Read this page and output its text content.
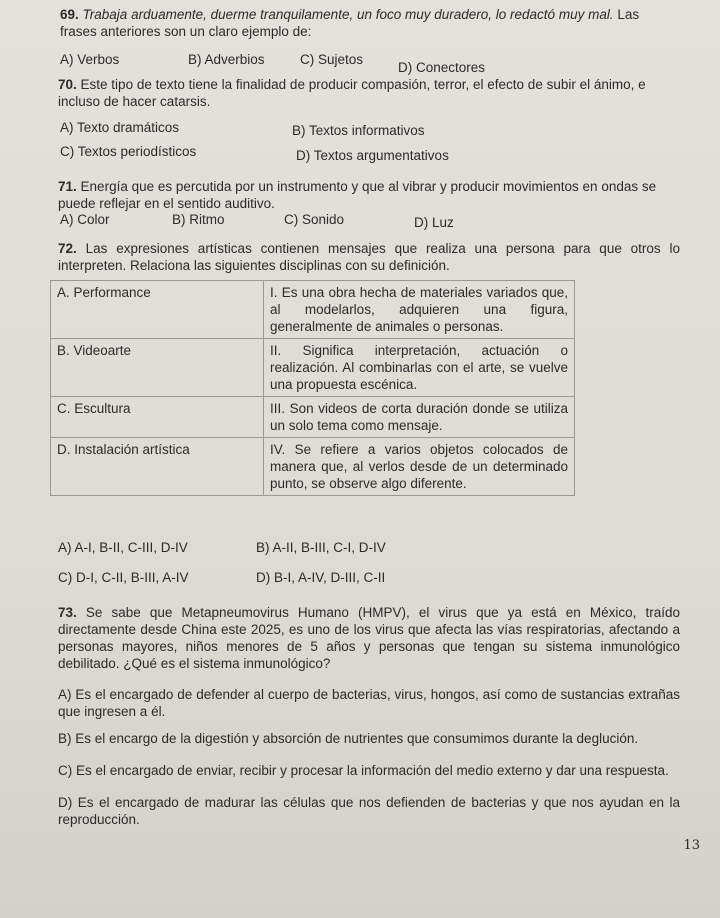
69. Trabaja arduamente, duerme tranquilamente, un foco muy duradero, lo redactó muy mal. Las frases anteriores son un claro ejemplo de:
A) Verbos	B) Adverbios	C) Sujetos
D) Conectores
70. Este tipo de texto tiene la finalidad de producir compasión, terror, el efecto de subir el ánimo, e incluso de hacer catarsis.
A) Texto dramáticos	B) Textos informativos
C) Textos periodísticos	D) Textos argumentativos
71. Energía que es percutida por un instrumento y que al vibrar y producir movimientos en ondas se puede reflejar en el sentido auditivo.
A) Color	B) Ritmo	C) Sonido	D) Luz
72. Las expresiones artísticas contienen mensajes que realiza una persona para que otros lo interpreten. Relaciona las siguientes disciplinas con su definición.
A. Performance	I. Es una obra hecha de materiales variados que, al modelarlos, adquieren una figura, generalmente de animales o personas.
B. Videoarte	II. Significa interpretación, actuación o realización. Al combinarlas con el arte, se vuelve una propuesta escénica.
C. Escultura	III. Son videos de corta duración donde se utiliza un solo tema como mensaje.
D. Instalación artística	IV. Se refiere a varios objetos colocados de manera que, al verlos desde de un determinado punto, se observe algo diferente.
A) A-I, B-II, C-III, D-IV	B) A-II, B-III, C-I, D-IV
C) D-I, C-II, B-III, A-IV	D) B-I, A-IV, D-III, C-II
73. Se sabe que Metapneumovirus Humano (HMPV), el virus que ya está en México, traído directamente desde China este 2025, es uno de los virus que afecta las vías respiratorias, afectando a personas mayores, niños menores de 5 años y personas que tengan su sistema inmunológico debilitado. ¿Qué es el sistema inmunológico?
A) Es el encargado de defender al cuerpo de bacterias, virus, hongos, así como de sustancias extrañas que ingresen a él.
B) Es el encargo de la digestión y absorción de nutrientes que consumimos durante la deglución.
C) Es el encargado de enviar, recibir y procesar la información del medio externo y dar una respuesta.
D) Es el encargado de madurar las células que nos defienden de bacterias y que nos ayudan en la reproducción.
13
